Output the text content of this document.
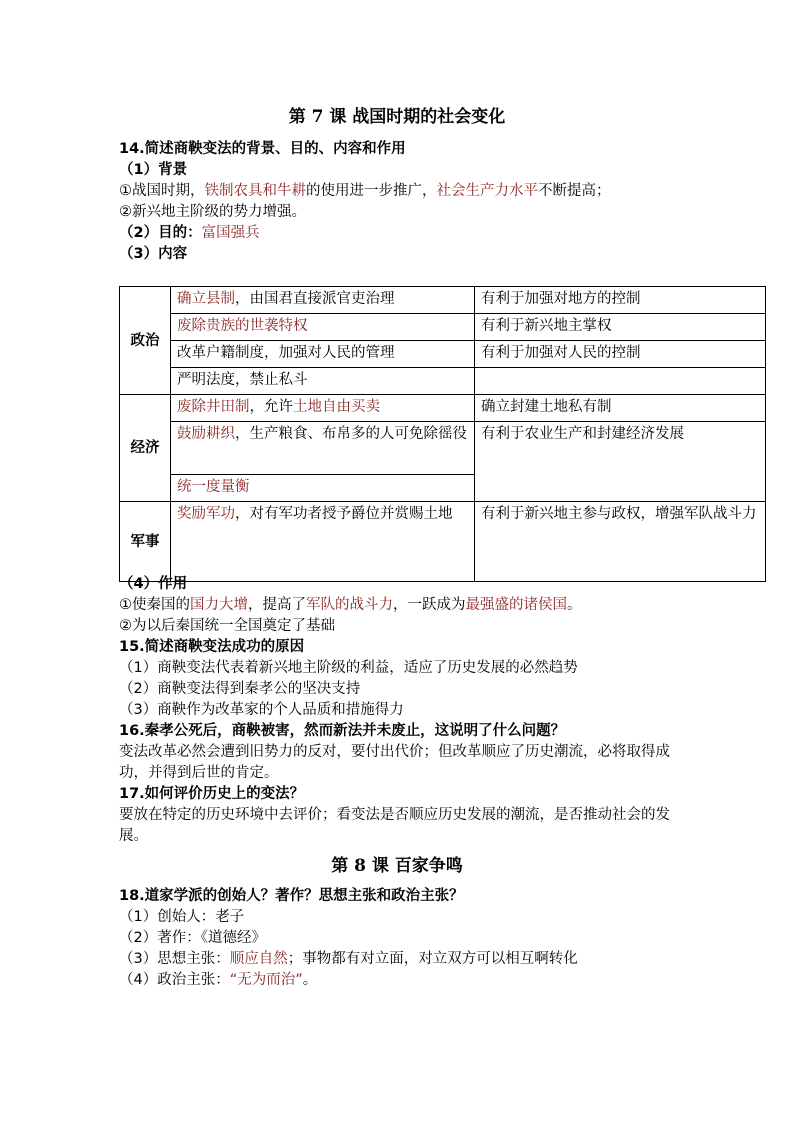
第 7 课 战国时期的社会变化
14.简述商鞅变法的背景、目的、内容和作用
（1）背景
①战国时期，铁制农具和牛耕的使用进一步推广，社会生产力水平不断提高；
②新兴地主阶级的势力增强。
（2）目的：富国强兵
（3）内容
政治	确立县制，由国君直接派官吏治理	有利于加强对地方的控制
	废除贵族的世袭特权	有利于新兴地主掌权
	改革户籍制度，加强对人民的管理	有利于加强对人民的控制
	严明法度，禁止私斗	
经济	废除井田制，允许土地自由买卖	确立封建土地私有制
	鼓励耕织，生产粮食、布帛多的人可免除徭役	有利于农业生产和封建经济发展
	统一度量衡	
军事	奖励军功，对有军功者授予爵位并赏赐土地	有利于新兴地主参与政权，增强军队战斗力
（4）作用
①使秦国的国力大增，提高了军队的战斗力，一跃成为最强盛的诸侯国。
②为以后秦国统一全国奠定了基础
15.简述商鞅变法成功的原因
（1）商鞅变法代表着新兴地主阶级的利益，适应了历史发展的必然趋势
（2）商鞅变法得到秦孝公的坚决支持
（3）商鞅作为改革家的个人品质和措施得力
16.秦孝公死后，商鞅被害，然而新法并未废止，这说明了什么问题？
变法改革必然会遭到旧势力的反对，要付出代价；但改革顺应了历史潮流，必将取得成功，并得到后世的肯定。
17.如何评价历史上的变法？
要放在特定的历史环境中去评价；看变法是否顺应历史发展的潮流，是否推动社会的发展。
第 8 课 百家争鸣
18.道家学派的创始人？著作？思想主张和政治主张？
（1）创始人：老子
（2）著作：《道德经》
（3）思想主张：顺应自然；事物都有对立面，对立双方可以相互啊转化
（4）政治主张：“无为而治”。
